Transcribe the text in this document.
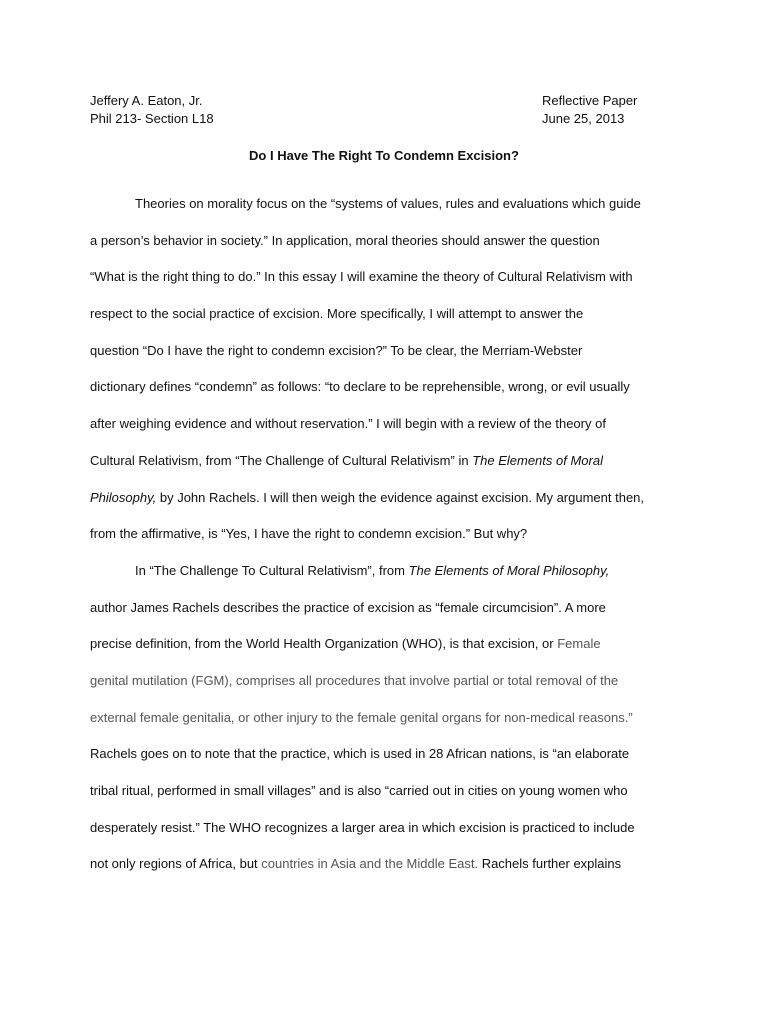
Jeffery A. Eaton, Jr.
Phil 213- Section L18
Reflective Paper
June 25, 2013
Do I Have The Right To Condemn Excision?
Theories on morality focus on the “systems of values, rules and evaluations which guide
a person’s behavior in society.” In application, moral theories should answer the question
“What is the right thing to do.” In this essay I will examine the theory of Cultural Relativism with
respect to the social practice of excision. More specifically, I will attempt to answer the
question “Do I have the right to condemn excision?” To be clear, the Merriam-Webster
dictionary defines “condemn” as follows: “to declare to be reprehensible, wrong, or evil usually
after weighing evidence and without reservation.” I will begin with a review of the theory of
Cultural Relativism, from “The Challenge of Cultural Relativism” in The Elements of Moral
Philosophy, by John Rachels. I will then weigh the evidence against excision. My argument then,
from the affirmative, is “Yes, I have the right to condemn excision.” But why?
In “The Challenge To Cultural Relativism”, from The Elements of Moral Philosophy,
author James Rachels describes the practice of excision as “female circumcision”. A more
precise definition, from the World Health Organization (WHO), is that excision, or Female
genital mutilation (FGM), comprises all procedures that involve partial or total removal of the
external female genitalia, or other injury to the female genital organs for non-medical reasons.”
Rachels goes on to note that the practice, which is used in 28 African nations, is “an elaborate
tribal ritual, performed in small villages” and is also “carried out in cities on young women who
desperately resist.” The WHO recognizes a larger area in which excision is practiced to include
not only regions of Africa, but countries in Asia and the Middle East. Rachels further explains
